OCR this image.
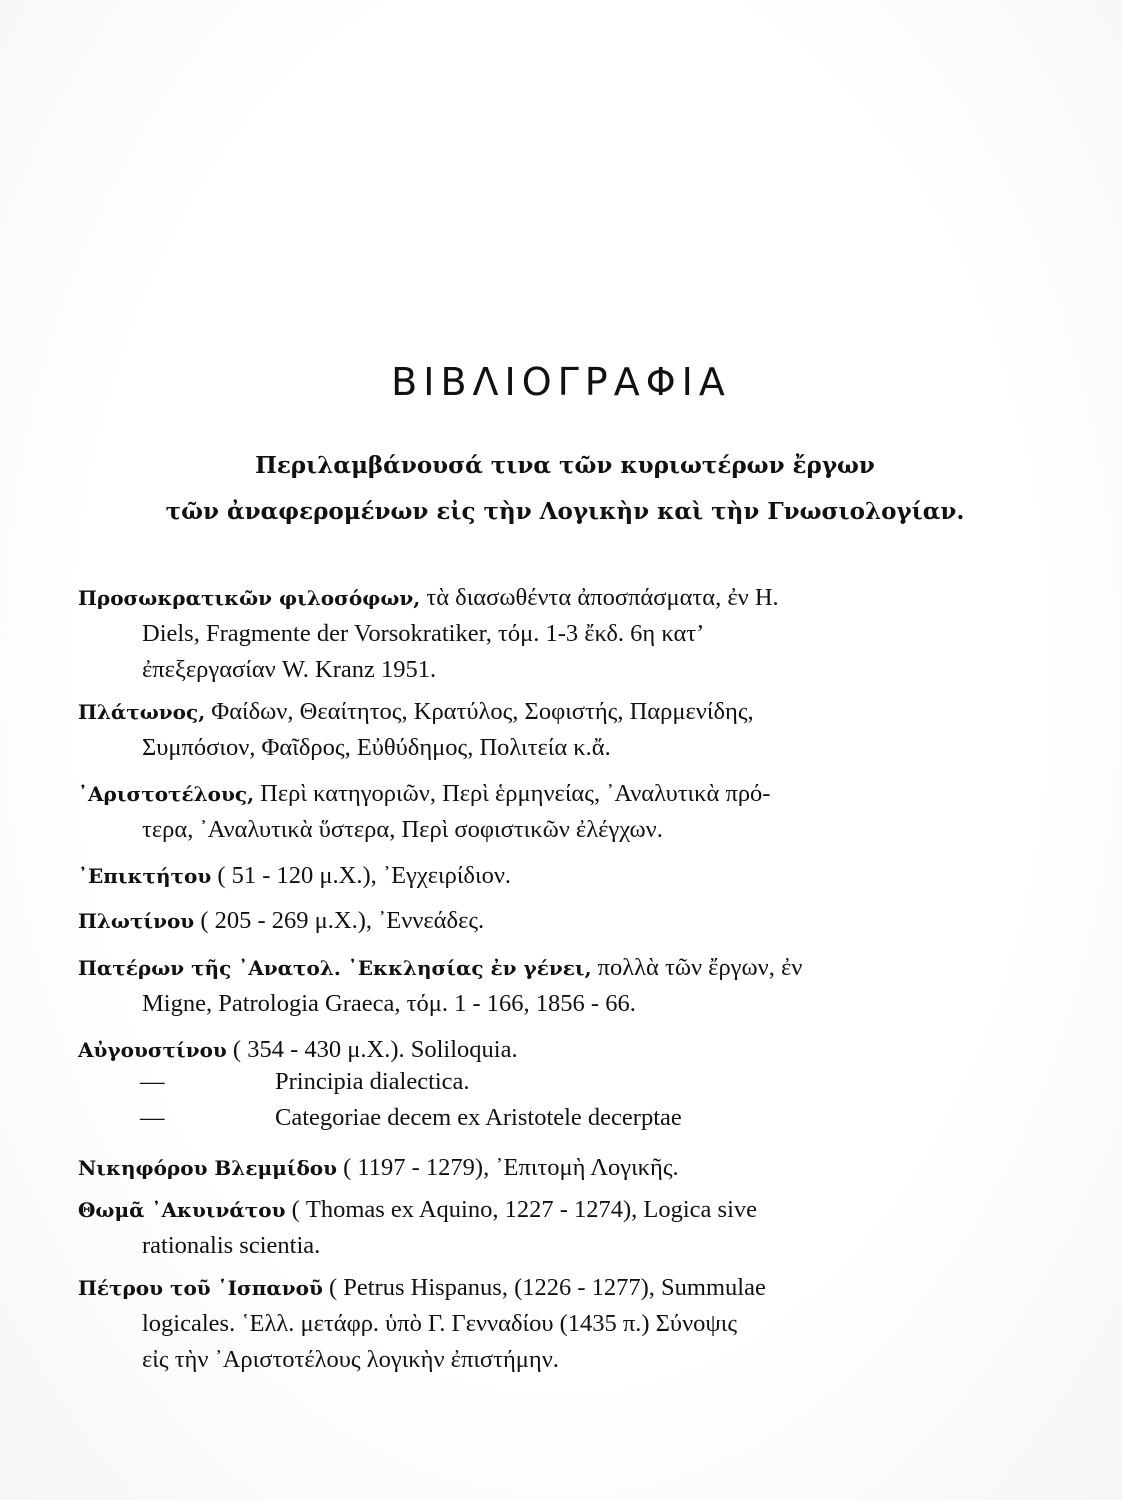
ΒΙΒΛΙΟΓΡΑΦΙΑ
Περιλαμβάνουσά τινα τῶν κυριωτέρων ἔργων
τῶν ἀναφερομένων εἰς τὴν Λογικὴν καὶ τὴν Γνωσιολογίαν.
Προσωκρατικῶν φιλοσόφων, τὰ διασωθέντα ἀποσπάσματα, ἐν Η.
Diels, Fragmente der Vorsokratiker, τόμ. 1-3 ἔκδ. 6η κατ’
ἐπεξεργασίαν W. Kranz 1951.
Πλάτωνος, Φαίδων, Θεαίτητος, Κρατύλος, Σοφιστής, Παρμενίδης,
Συμπόσιον, Φαῖδρος, Εὐθύδημος, Πολιτεία κ.ἄ.
᾿Αριστοτέλους, Περὶ κατηγοριῶν, Περὶ ἑρμηνείας, ᾿Αναλυτικὰ πρό-
τερα, ᾿Αναλυτικὰ ὕστερα, Περὶ σοφιστικῶν ἐλέγχων.
᾿Επικτήτου ( 51 - 120 μ.Χ.), ᾿Εγχειρίδιον.
Πλωτίνου ( 205 - 269 μ.Χ.), ᾿Εννεάδες.
Πατέρων τῆς ᾿Ανατολ. ᾿Εκκλησίας ἐν γένει, πολλὰ τῶν ἔργων, ἐν
Migne, Patrologia Graeca, τόμ. 1 - 166, 1856 - 66.
Αὐγουστίνου ( 354 - 430 μ.Χ.). Soliloquia.
—	Principia dialectica.
—	Categoriae decem ex Aristotele decerptae
Νικηφόρου Βλεμμίδου ( 1197 - 1279), ᾿Επιτομὴ Λογικῆς.
Θωμᾶ ᾿Ακυινάτου ( Thomas ex Aquino, 1227 - 1274), Logica sive
rationalis scientia.
Πέτρου τοῦ ῾Ισπανοῦ ( Petrus Hispanus, (1226 - 1277), Summulae
logicales. ῾Ελλ. μετάφρ. ὑπὸ Γ. Γενναδίου (1435 π.) Σύνοψις
εἰς τὴν ᾿Αριστοτέλους λογικὴν ἐπιστήμην.
